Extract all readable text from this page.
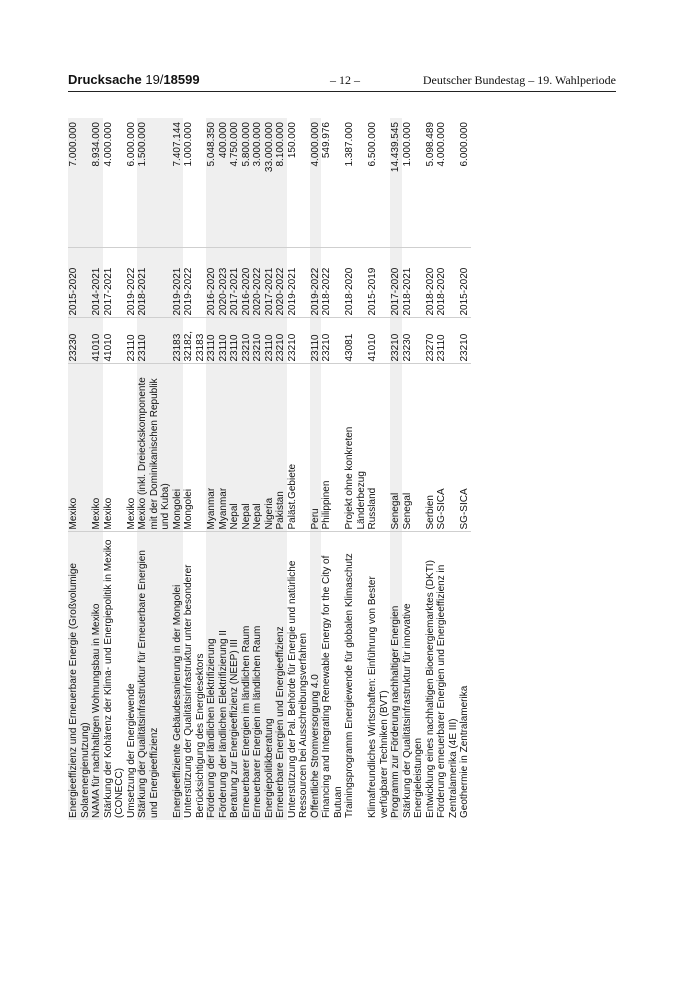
Drucksache 19/18599	– 12 –	Deutscher Bundestag – 19. Wahlperiode
Energieeffizienz und Erneuerbare Energie (Großvolumige Solarenergienutzung)	Mexiko	23230	2015-2020	7.000.000
NAMA für nachhaltigen Wohnungsbau in Mexiko	Mexiko	41010	2014-2021	8.934.000
Stärkung der Kohärenz der Klima- und Energiepolitik in Mexiko (CONECC)	Mexiko	41010	2017-2021	4.000.000
Umsetzung der Energiewende	Mexiko	23110	2019-2022	6.000.000
Stärkung der Qualitätsinfrastruktur für Erneuerbare Energien und Energieeffizienz	Mexiko (inkl. Dreieckskomponente mit der Dominikanischen Republik und Kuba)	23110	2018-2021	1.500.000
Energieeffiziente Gebäudesanierung in der Mongolei	Mongolei	23183	2019-2021	7.407.144
Unterstützung der Qualitätsinfrastruktur unter besonderer Berücksichtigung des Energiesektors	Mongolei	32182, 23183	2019-2022	1.000.000
Förderung der ländlichen Elektrifizierung	Myanmar	23110	2016-2020	5.048.350
Förderung der ländlichen Elektrifizierung II	Myanmar	23110	2020-2023	400.000
Beratung zur Energieeffizienz (NEEP) III	Nepal	23110	2017-2021	4.750.000
Erneuerbarer Energien im ländlichen Raum	Nepal	23210	2016-2020	5.800.000
Erneuerbarer Energien im ländlichen Raum	Nepal	23210	2020-2022	3.000.000
Energiepolitikberatung	Nigeria	23110	2017-2021	33.000.000
Erneuerbare Energien und Energieeffizienz	Pakistan	23210	2020-2022	8.100.000
Unterstützung der Pal. Behörde für Energie und natürliche Ressourcen bei Ausschreibungsverfahren	Paläst.Gebiete	23210	2019-2021	150.000
Öffentliche Stromversorgung 4.0	Peru	23110	2019-2022	4.000.000
Financing and Integrating Renewable Energy for the City of Butuan	Philippinen	23210	2018-2022	549.976
Trainingsprogramm Energiewende für globalen Klimaschutz	Projekt ohne konkreten Länderbezug	43081	2018-2020	1.387.000
Klimafreundliches Wirtschaften: Einführung von Bester verfügbarer Techniken (BVT)	Russland	41010	2015-2019	6.500.000
Programm zur Förderung nachhaltiger Energien	Senegal	23210	2017-2020	14.439.545
Stärkung der Qualitätsinfrastruktur für innovative Energieleistungen	Senegal	23230	2018-2021	1.000.000
Entwicklung eines nachhaltigen Bioenergiemarktes (DKTI)	Serbien	23270	2018-2020	5.098.489
Förderung erneuerbarer Energien und Energieeffizienz in Zentralamerika (4E III)	SG-SICA	23110	2018-2020	4.000.000
Geothermie in Zentralamerika	SG-SICA	23210	2015-2020	6.000.000
